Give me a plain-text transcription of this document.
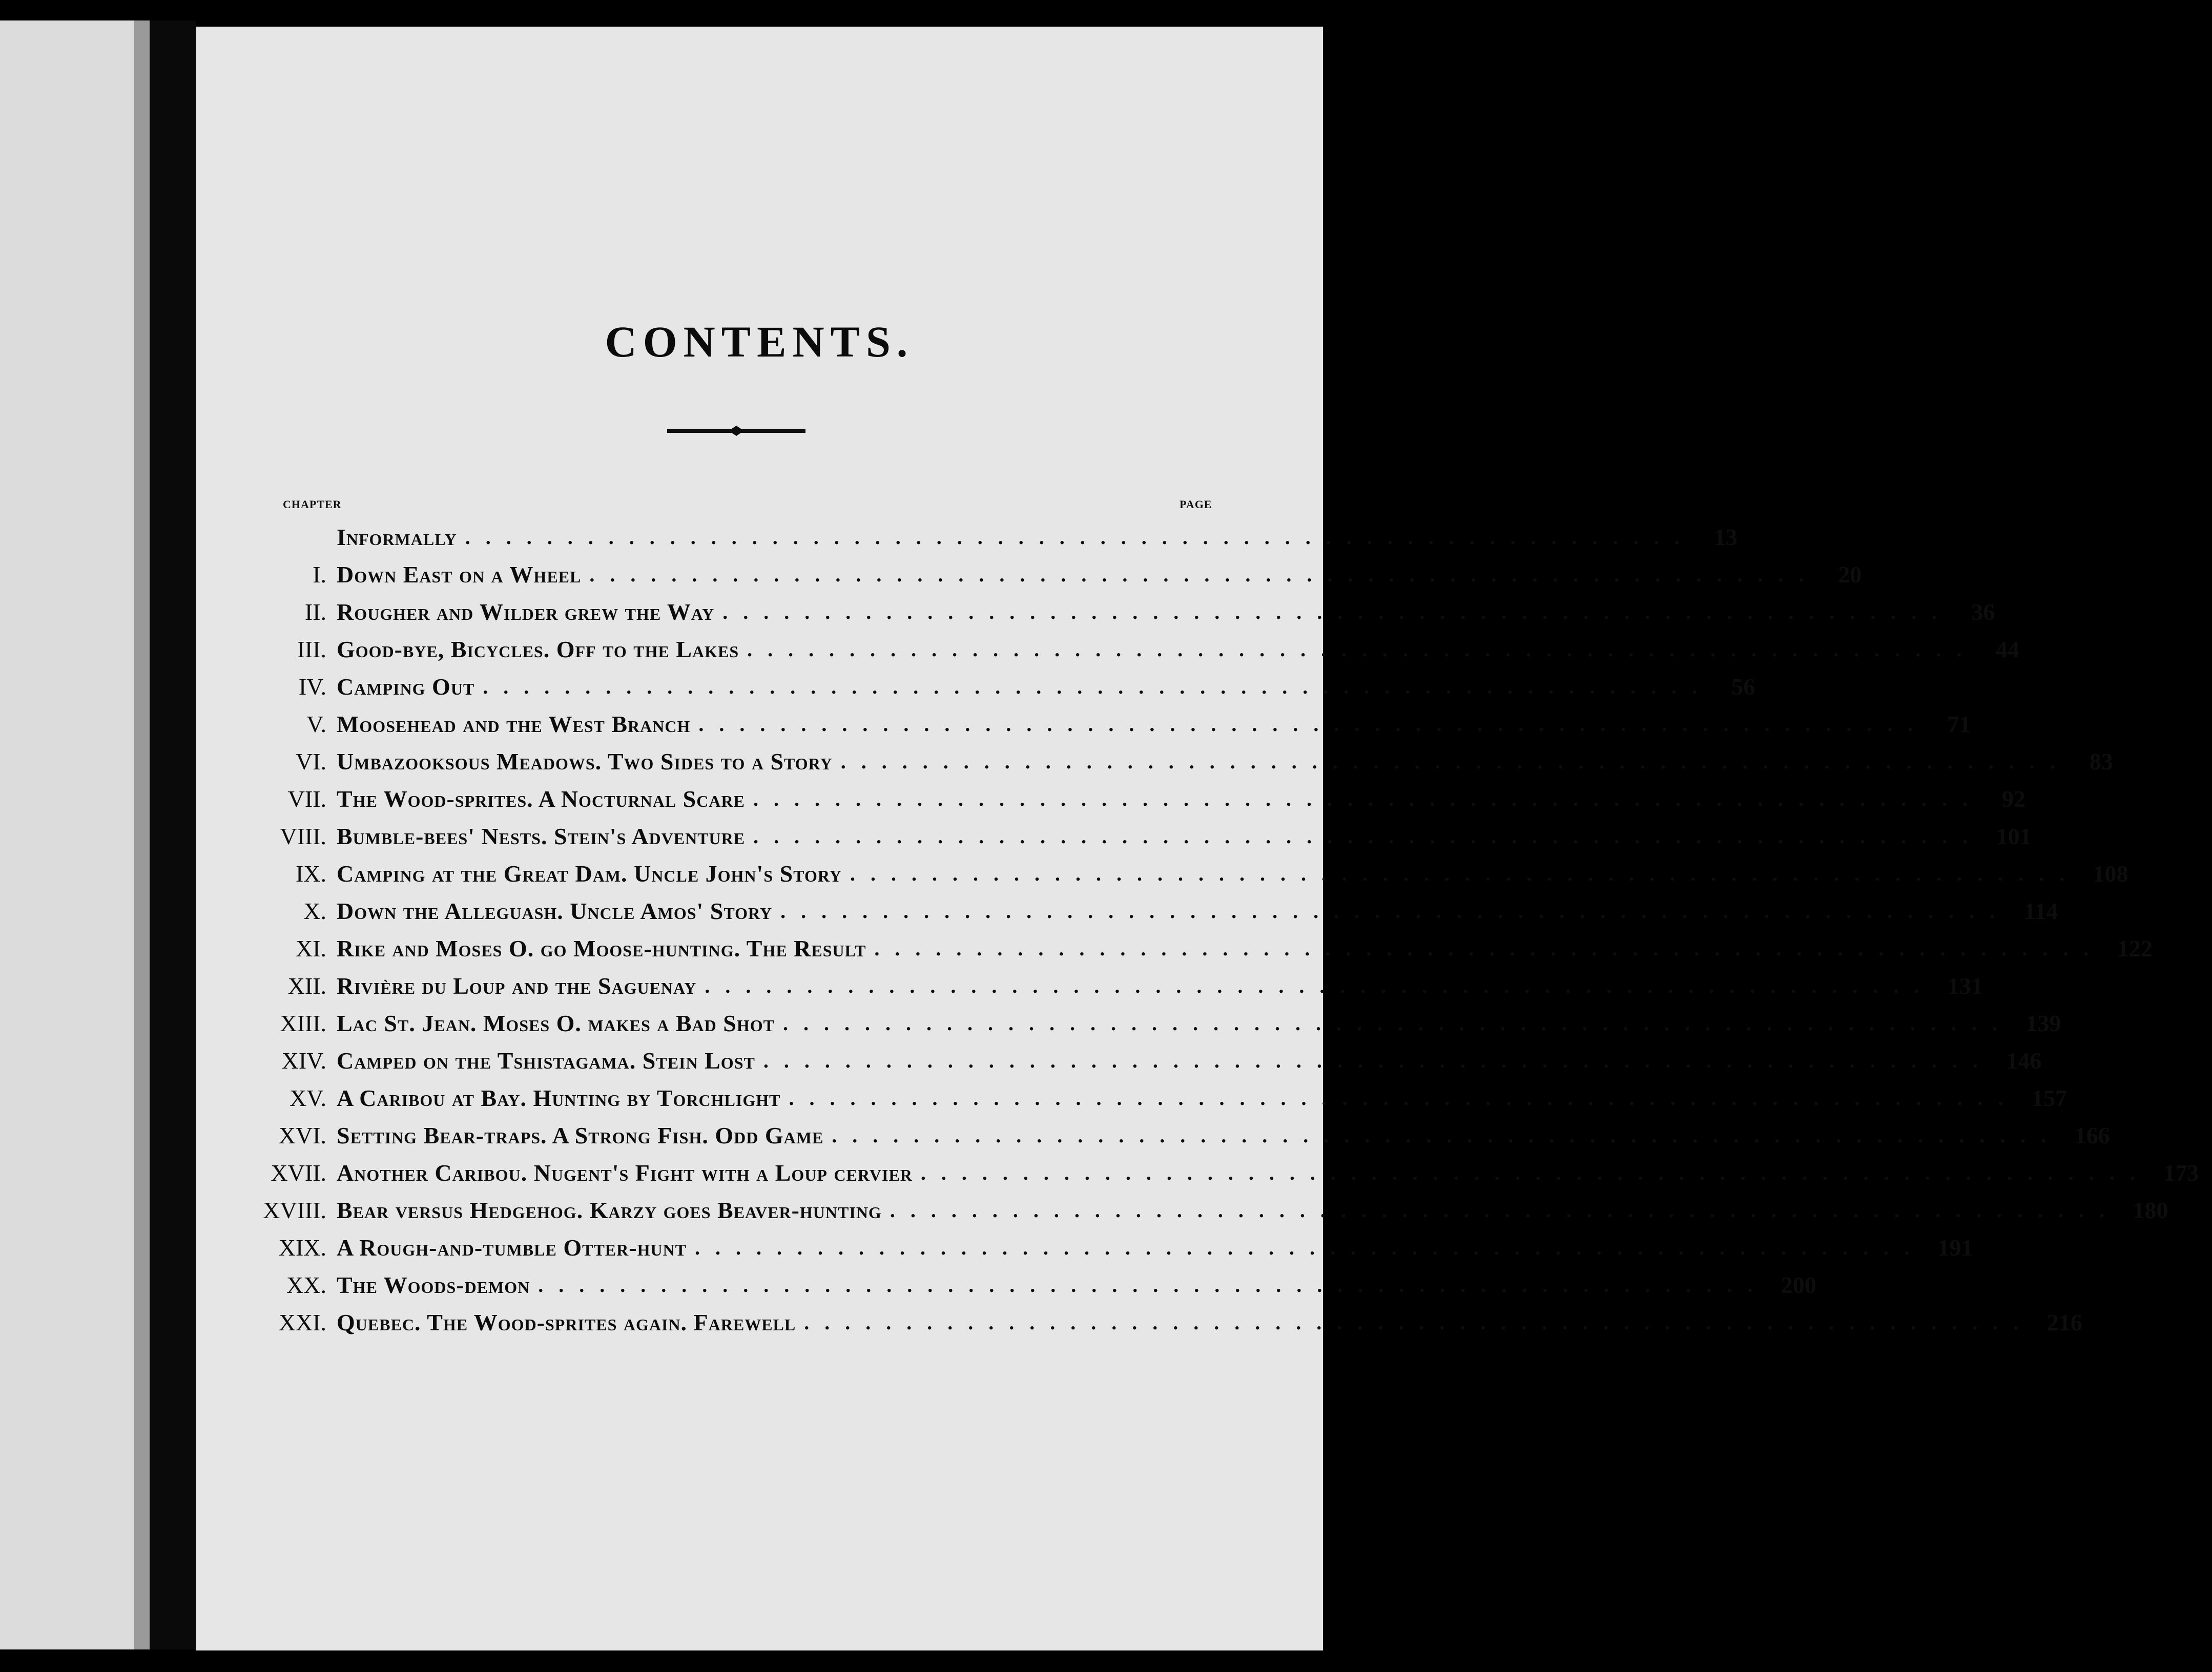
CONTENTS.
CHAPTER	PAGE
Informally ............................................................ 13
I. Down East on a Wheel ............................................................ 20
II. Rougher and Wilder grew the Way ............................................................ 36
III. Good-bye, Bicycles. Off to the Lakes ............................................................ 44
IV. Camping Out ............................................................ 56
V. Moosehead and the West Branch ............................................................ 71
VI. Umbazooksous Meadows. Two Sides to a Story ............................................................ 83
VII. The Wood-sprites. A Nocturnal Scare ............................................................ 92
VIII. Bumble-bees' Nests. Stein's Adventure ............................................................ 101
IX. Camping at the Great Dam. Uncle John's Story ............................................................ 108
X. Down the Alleguash. Uncle Amos' Story ............................................................ 114
XI. Rike and Moses O. go Moose-hunting. The Result ............................................................ 122
XII. Rivière du Loup and the Saguenay ............................................................ 131
XIII. Lac St. Jean. Moses O. makes a Bad Shot ............................................................ 139
XIV. Camped on the Tshistagama. Stein Lost ............................................................ 146
XV. A Caribou at Bay. Hunting by Torchlight ............................................................ 157
XVI. Setting Bear-traps. A Strong Fish. Odd Game ............................................................ 166
XVII. Another Caribou. Nugent's Fight with a Loup cervier ............................................................ 173
XVIII. Bear versus Hedgehog. Karzy goes Beaver-hunting ............................................................ 180
XIX. A Rough-and-tumble Otter-hunt ............................................................ 191
XX. The Woods-demon ............................................................ 200
XXI. Quebec. The Wood-sprites again. Farewell ............................................................ 216
